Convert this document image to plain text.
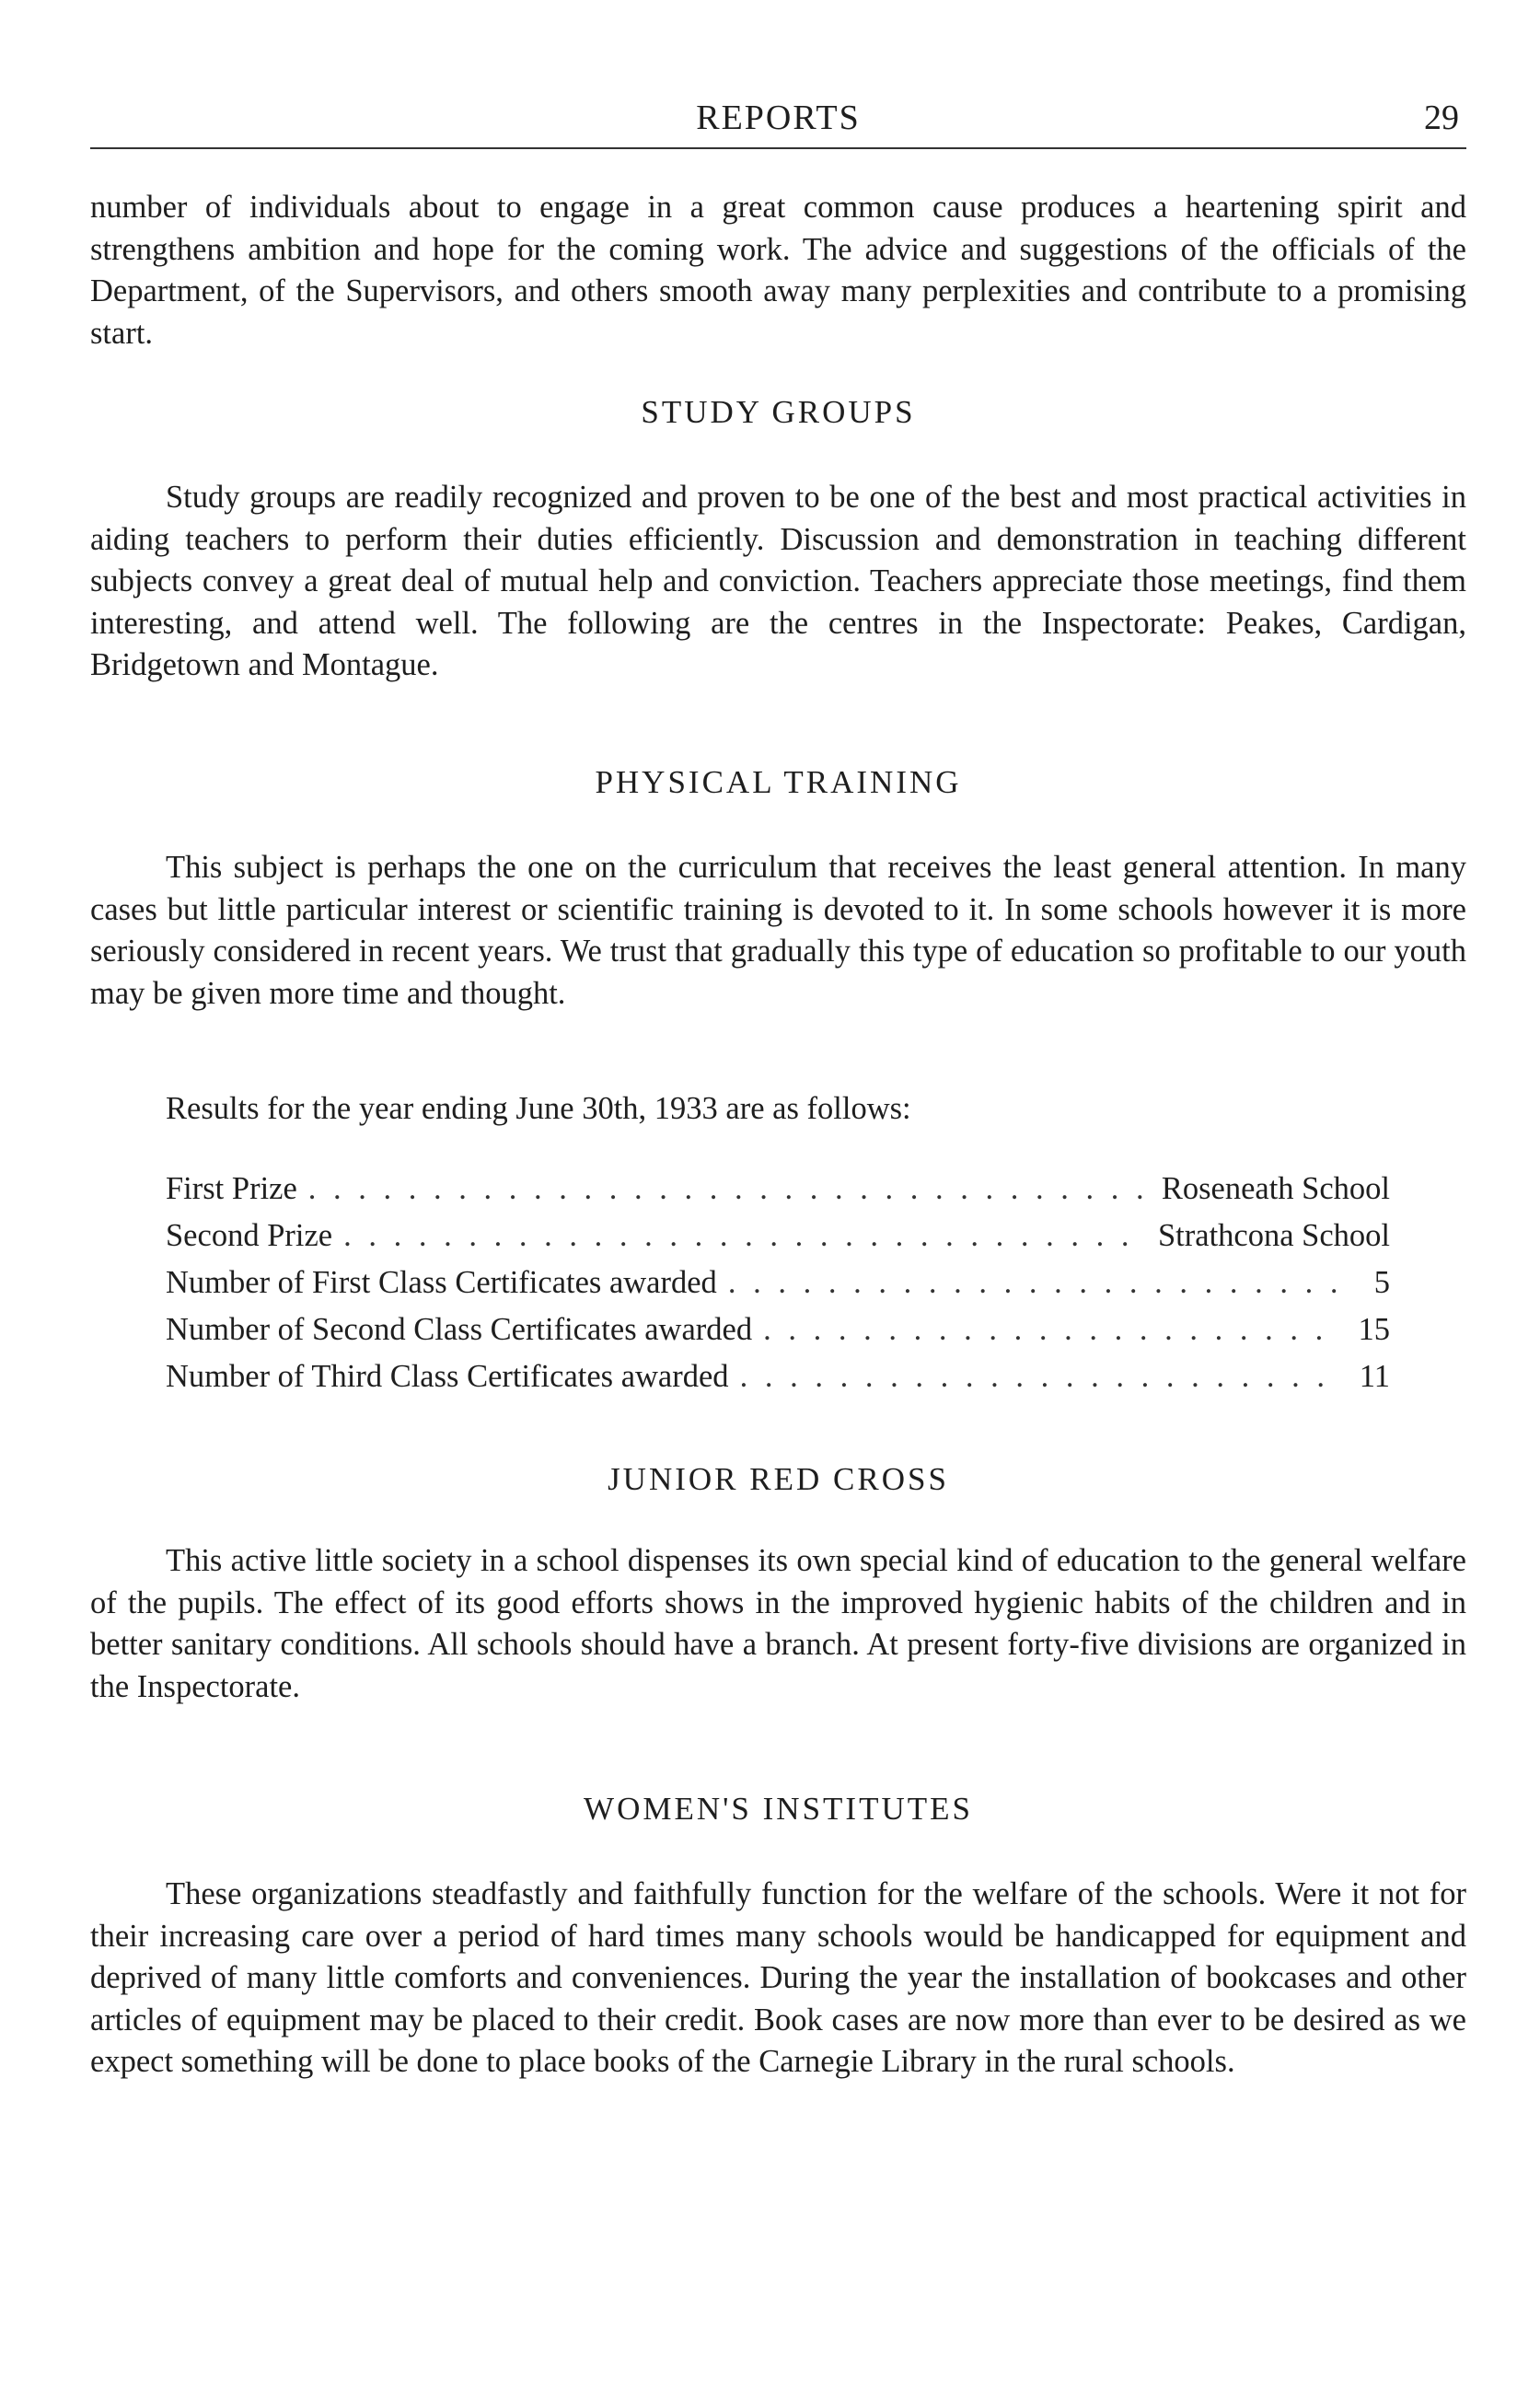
REPORTS	29

number of individuals about to engage in a great common cause produces a heartening spirit and strengthens ambition and hope for the coming work. The advice and suggestions of the officials of the Department, of the Supervisors, and others smooth away many perplexities and contribute to a promising start.

STUDY GROUPS

Study groups are readily recognized and proven to be one of the best and most practical activities in aiding teachers to perform their duties efficiently. Discussion and demonstration in teaching different subjects convey a great deal of mutual help and conviction. Teachers appreciate those meetings, find them interesting, and attend well. The following are the centres in the Inspectorate: Peakes, Cardigan, Bridgetown and Montague.

PHYSICAL TRAINING

This subject is perhaps the one on the curriculum that receives the least general attention. In many cases but little particular interest or scientific training is devoted to it. In some schools however it is more seriously considered in recent years. We trust that gradually this type of education so profitable to our youth may be given more time and thought.

Results for the year ending June 30th, 1933 are as follows:
First Prize . . .	Roseneath School
Second Prize . . .	Strathcona School
Number of First Class Certificates awarded . . .	5
Number of Second Class Certificates awarded . . .	15
Number of Third Class Certificates awarded . . .	11
JUNIOR RED CROSS

This active little society in a school dispenses its own special kind of education to the general welfare of the pupils. The effect of its good efforts shows in the improved hygienic habits of the children and in better sanitary conditions. All schools should have a branch. At present forty-five divisions are organized in the Inspectorate.

WOMEN'S INSTITUTES

These organizations steadfastly and faithfully function for the welfare of the schools. Were it not for their increasing care over a period of hard times many schools would be handicapped for equipment and deprived of many little comforts and conveniences. During the year the installation of bookcases and other articles of equipment may be placed to their credit. Book cases are now more than ever to be desired as we expect something will be done to place books of the Carnegie Library in the rural schools.
